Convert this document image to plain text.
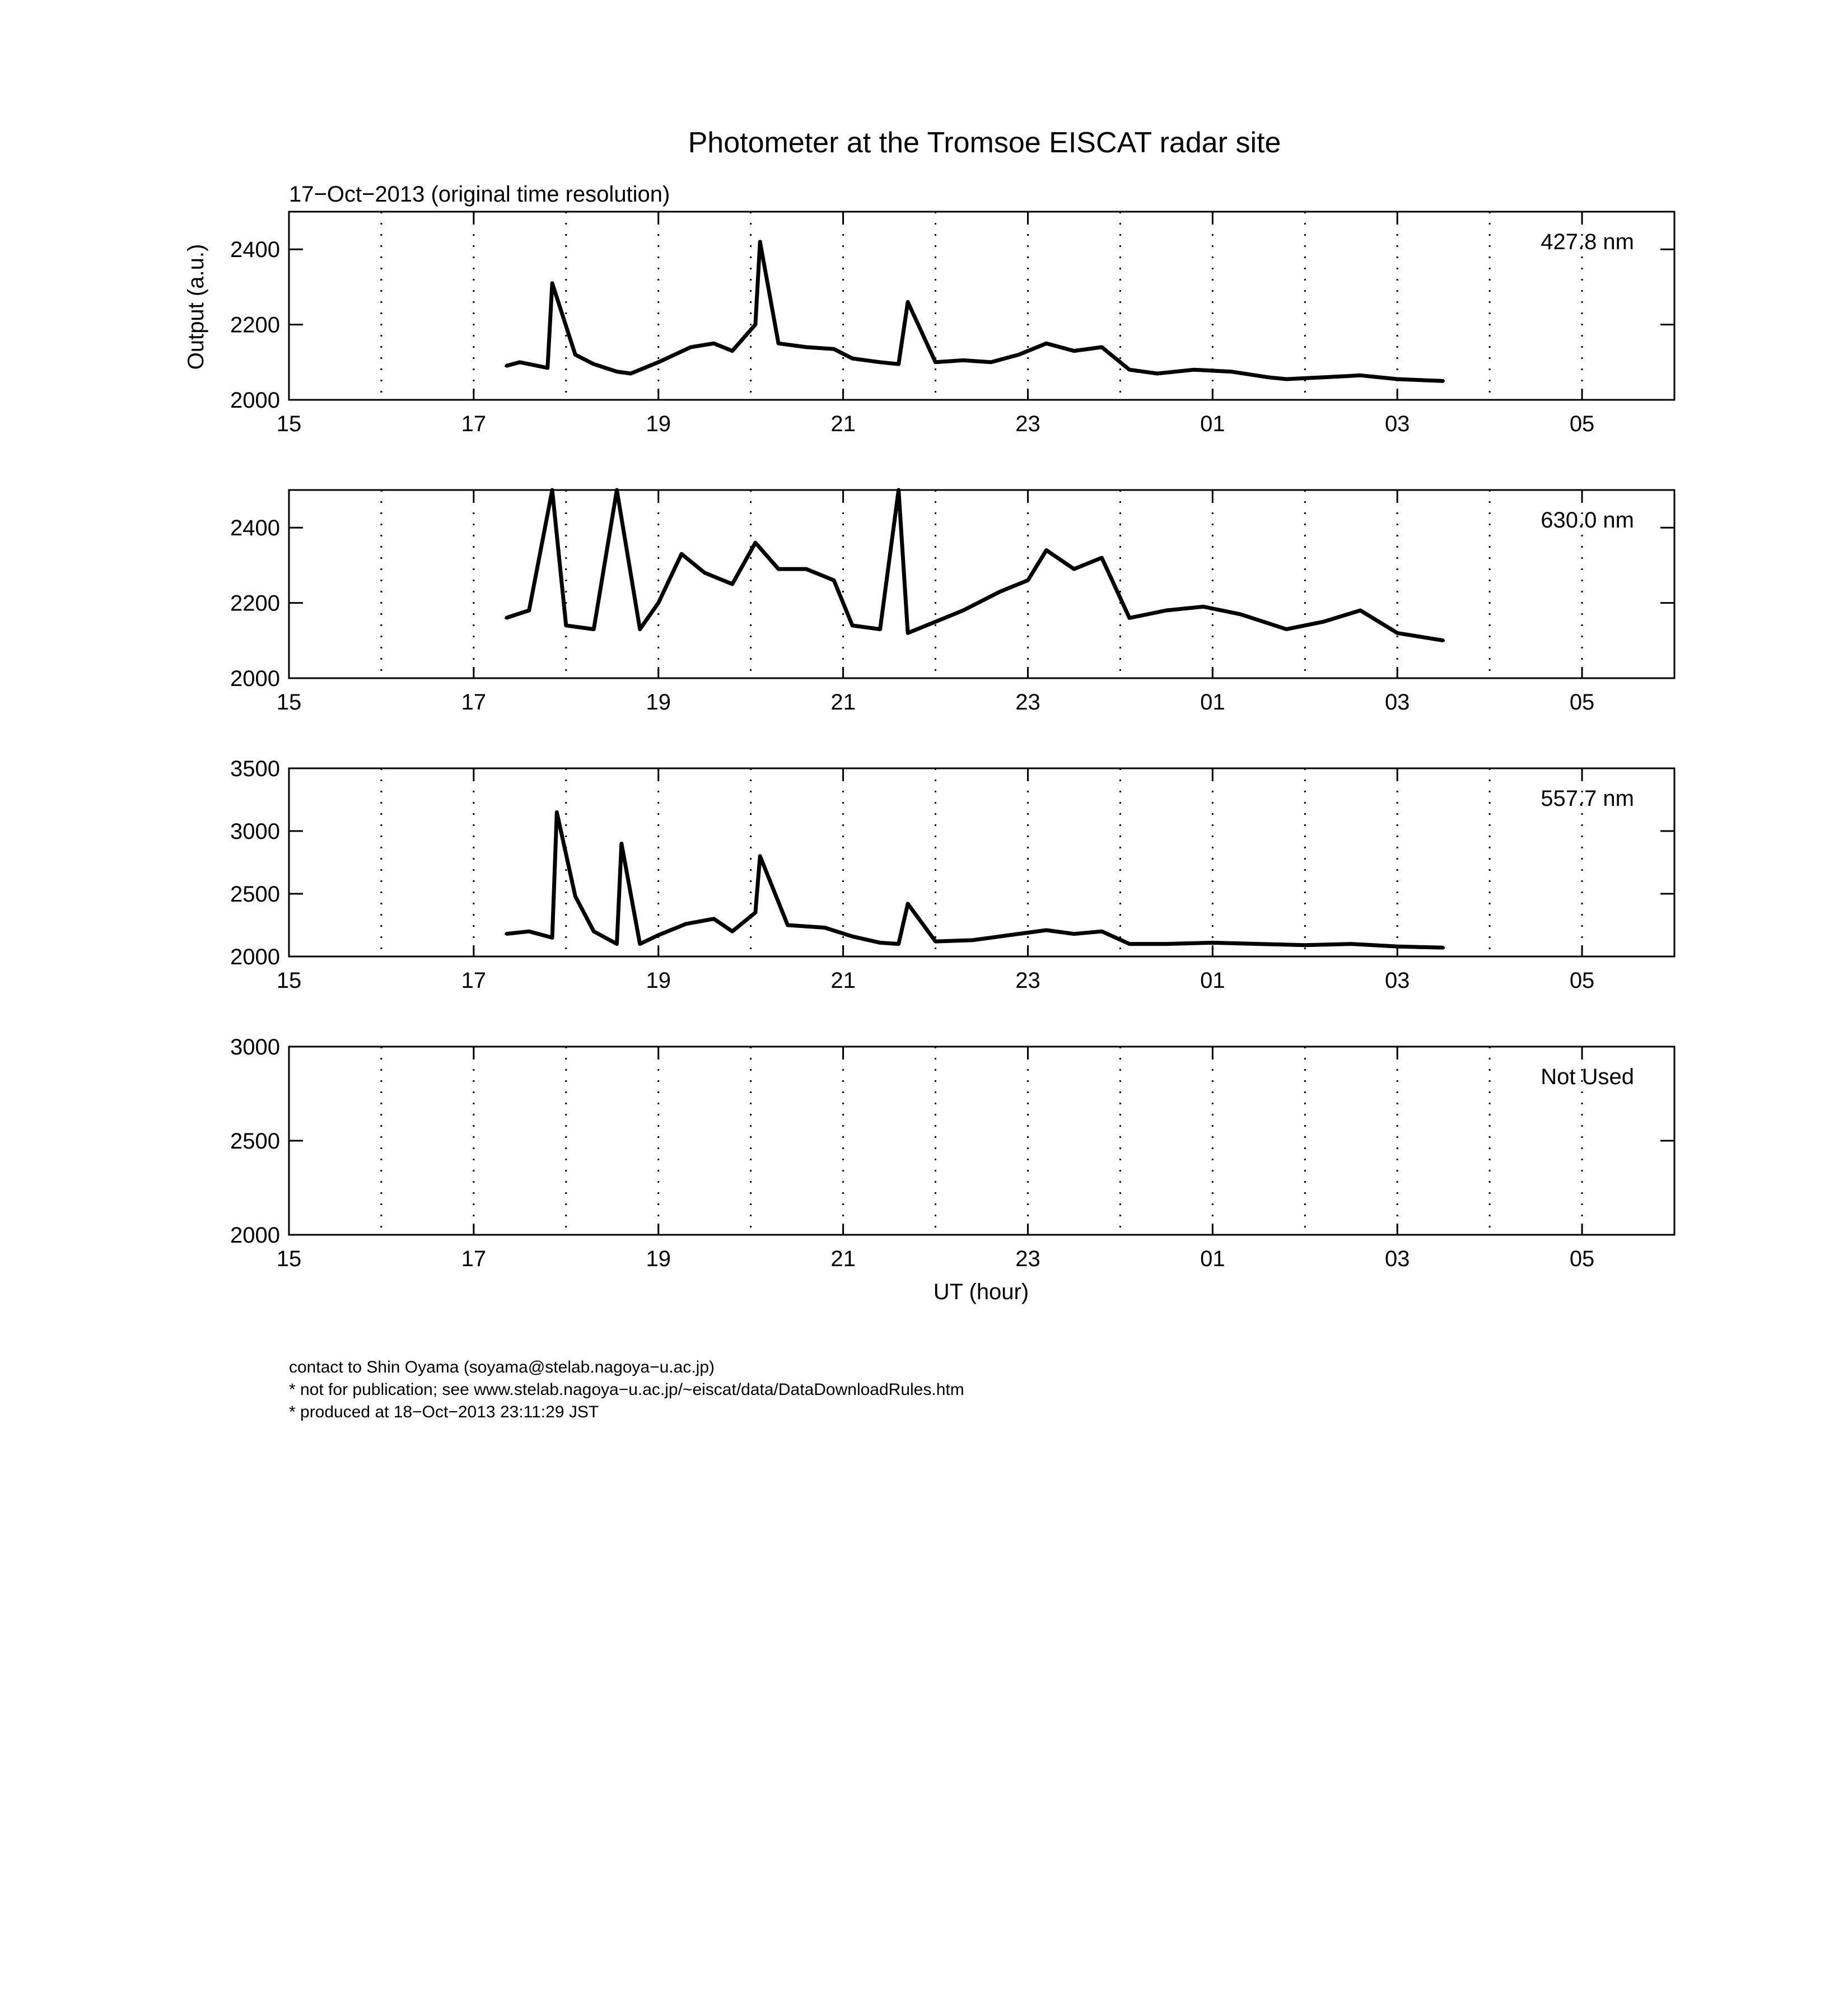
Photometer at the Tromsoe EISCAT radar site
17−Oct−2013 (original time resolution)
Output (a.u.)
UT (hour)
15	17	19	21	23	01	03	05
2000
2200
2400	427.8 nm
15	17	19	21	23	01	03	05
2000
2200
2400	630.0 nm
15	17	19	21	23	01	03	05
2000
2500
3000
3500
557.7 nm
15	17	19	21	23	01	03	05
2000
2500
3000
Not Used
contact to Shin Oyama (soyama@stelab.nagoya−u.ac.jp)
* not for publication; see www.stelab.nagoya−u.ac.jp/~eiscat/data/DataDownloadRules.htm
* produced at 18−Oct−2013 23:11:29 JST
